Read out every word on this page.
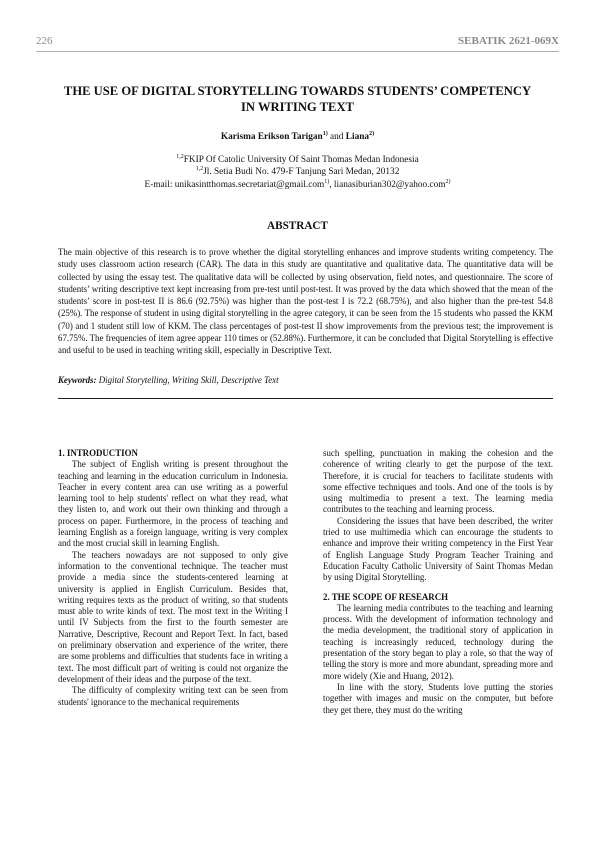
226	SEBATIK 2621-069X
THE USE OF DIGITAL STORYTELLING TOWARDS STUDENTS’ COMPETENCY IN WRITING TEXT
Karisma Erikson Tarigan$^{1)}$ and Liana$^{2)}$
$^{1,2}$FKIP Of Catolic University Of Saint Thomas Medan Indonesia
$^{1,2}$Jl. Setia Budi No. 479-F Tanjung Sari Medan, 20132
E-mail: unikasintthomas.secretariat@gmail.com$^{1)}$, lianasiburian302@yahoo.com$^{2)}$
ABSTRACT
The main objective of this research is to prove whether the digital storytelling enhances and improve students writing competency. The study uses classroom action research (CAR). The data in this study are quantitative and qualitative data. The quantitative data will be collected by using the essay test. The qualitative data will be collected by using observation, field notes, and questionnaire. The score of students’ writing descriptive text kept increasing from pre-test until post-test. It was proved by the data which showed that the mean of the students’ score in post-test II is 86.6 (92.75%) was higher than the post-test I is 72.2 (68.75%), and also higher than the pre-test 54.8 (25%). The response of student in using digital storytelling in the agree category, it can be seen from the 15 students who passed the KKM (70) and 1 student still low of KKM. The class percentages of post-test II show improvements from the previous test; the improvement is 67.75%. The frequencies of item agree appear 110 times or (52.88%). Furthermore, it can be concluded that Digital Storytelling is effective and useful to be used in teaching writing skill, especially in Descriptive Text.
Keywords: Digital Storytelling, Writing Skill, Descriptive Text
1. INTRODUCTION

The subject of English writing is present throughout the teaching and learning in the education curriculum in Indonesia. Teacher in every content area can use writing as a powerful learning tool to help students' reflect on what they read, what they listen to, and work out their own thinking and through a process on paper. Furthermore, in the process of teaching and learning English as a foreign language, writing is very complex and the most crucial skill in learning English.

The teachers nowadays are not supposed to only give information to the conventional technique. The teacher must provide a media since the students-centered learning at university is applied in English Curriculum. Besides that, writing requires texts as the product of writing, so that students must able to write kinds of text. The most text in the Writing I until IV Subjects from the first to the fourth semester are Narrative, Descriptive, Recount and Report Text. In fact, based on preliminary observation and experience of the writer, there are some problems and difficulties that students face in writing a text. The most difficult part of writing is could not organize the development of their ideas and the purpose of the text.

The difficulty of complexity writing text can be seen from students' ignorance to the mechanical requirements

such spelling, punctuation in making the cohesion and the coherence of writing clearly to get the purpose of the text. Therefore, it is crucial for teachers to facilitate students with some effective techniques and tools. And one of the tools is by using multimedia to present a text. The learning media contributes to the teaching and learning process.

Considering the issues that have been described, the writer tried to use multimedia which can encourage the students to enhance and improve their writing competency in the First Year of English Language Study Program Teacher Training and Education Faculty Catholic University of Saint Thomas Medan by using Digital Storytelling.

2. THE SCOPE OF RESEARCH

The learning media contributes to the teaching and learning process. With the development of information technology and the media development, the traditional story of application in teaching is increasingly reduced, technology during the presentation of the story began to play a role, so that the way of telling the story is more and more abundant, spreading more and more widely (Xie and Huang, 2012).

In line with the story, Students love putting the stories together with images and music on the computer, but before they get there, they must do the writing
